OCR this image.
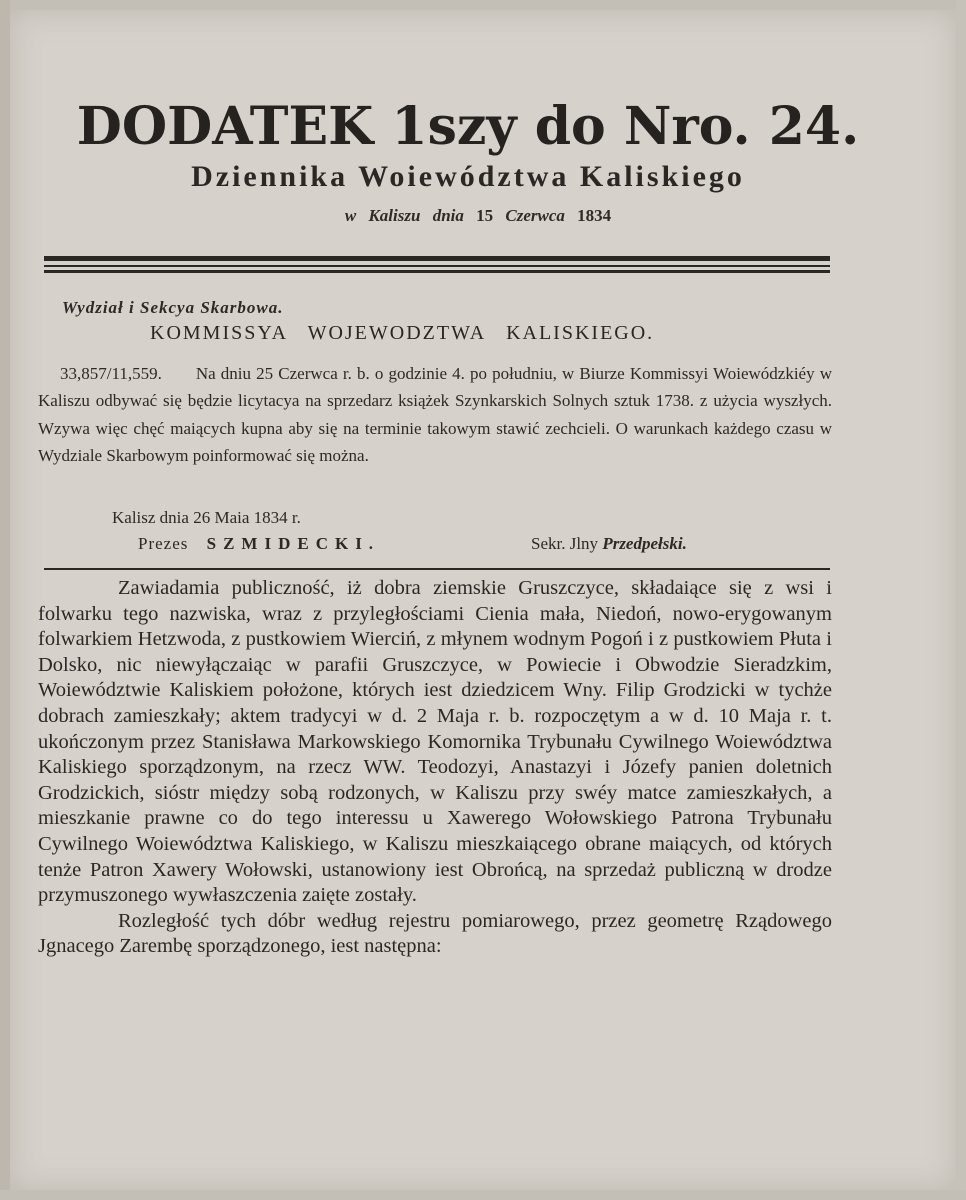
DODATEK 1szy do Nro. 24.
Dziennika Woiewództwa Kaliskiego
w Kaliszu dnia 15 Czerwca 1834
Wydział i Sekcya Skarbowa.
KOMMISSYA WOJEWODZTWA KALISKIEGO.
33,857/11,559. Na dniu 25 Czerwca r. b. o godzinie 4. po południu, w Biurze Kommissyi Woiewódzkiéy w Kaliszu odbywać się będzie licytacya na sprzedarz książek Szynkarskich Solnych sztuk 1738. z użycia wyszłych. Wzywa więc chęć maiących kupna aby się na terminie takowym stawić zechcieli. O warunkach każdego czasu w Wydziale Skarbowym poinformować się można.
Kalisz dnia 26 Maia 1834 r.
Prezes SZMIDECKI.	Sekr. Jlny Przedpełski.

Zawiadamia publiczność, iż dobra ziemskie Gruszczyce, składaiące się z wsi i folwarku tego nazwiska, wraz z przyległościami Cienia mała, Niedoń, nowo-erygowanym folwarkiem Hetzwoda, z pustkowiem Wierciń, z młynem wodnym Pogoń i z pustkowiem Płuta i Dolsko, nic niewyłączaiąc w parafii Gruszczyce, w Powiecie i Obwodzie Sieradzkim, Woiewództwie Kaliskiem położone, których iest dziedzicem Wny. Filip Grodzicki w tychże dobrach zamieszkały; aktem tradycyi w d. 2 Maja r. b. rozpoczętym a w d. 10 Maja r. t. ukończonym przez Stanisława Markowskiego Komornika Trybunału Cywilnego Woiewództwa Kaliskiego sporządzonym, na rzecz WW. Teodozyi, Anastazyi i Józefy panien doletnich Grodzickich, sióstr między sobą rodzonych, w Kaliszu przy swéy matce zamieszkałych, a mieszkanie prawne co do tego interessu u Xawerego Wołowskiego Patrona Trybunału Cywilnego Woiewództwa Kaliskiego, w Kaliszu mieszkaiącego obrane maiących, od których tenże Patron Xawery Wołowski, ustanowiony iest Obrońcą, na sprzedaż publiczną w drodze przymuszonego wywłaszczenia zaięte zostały.

Rozległość tych dóbr według rejestru pomiarowego, przez geometrę Rządowego Jgnacego Zarembę sporządzonego, iest następna:
